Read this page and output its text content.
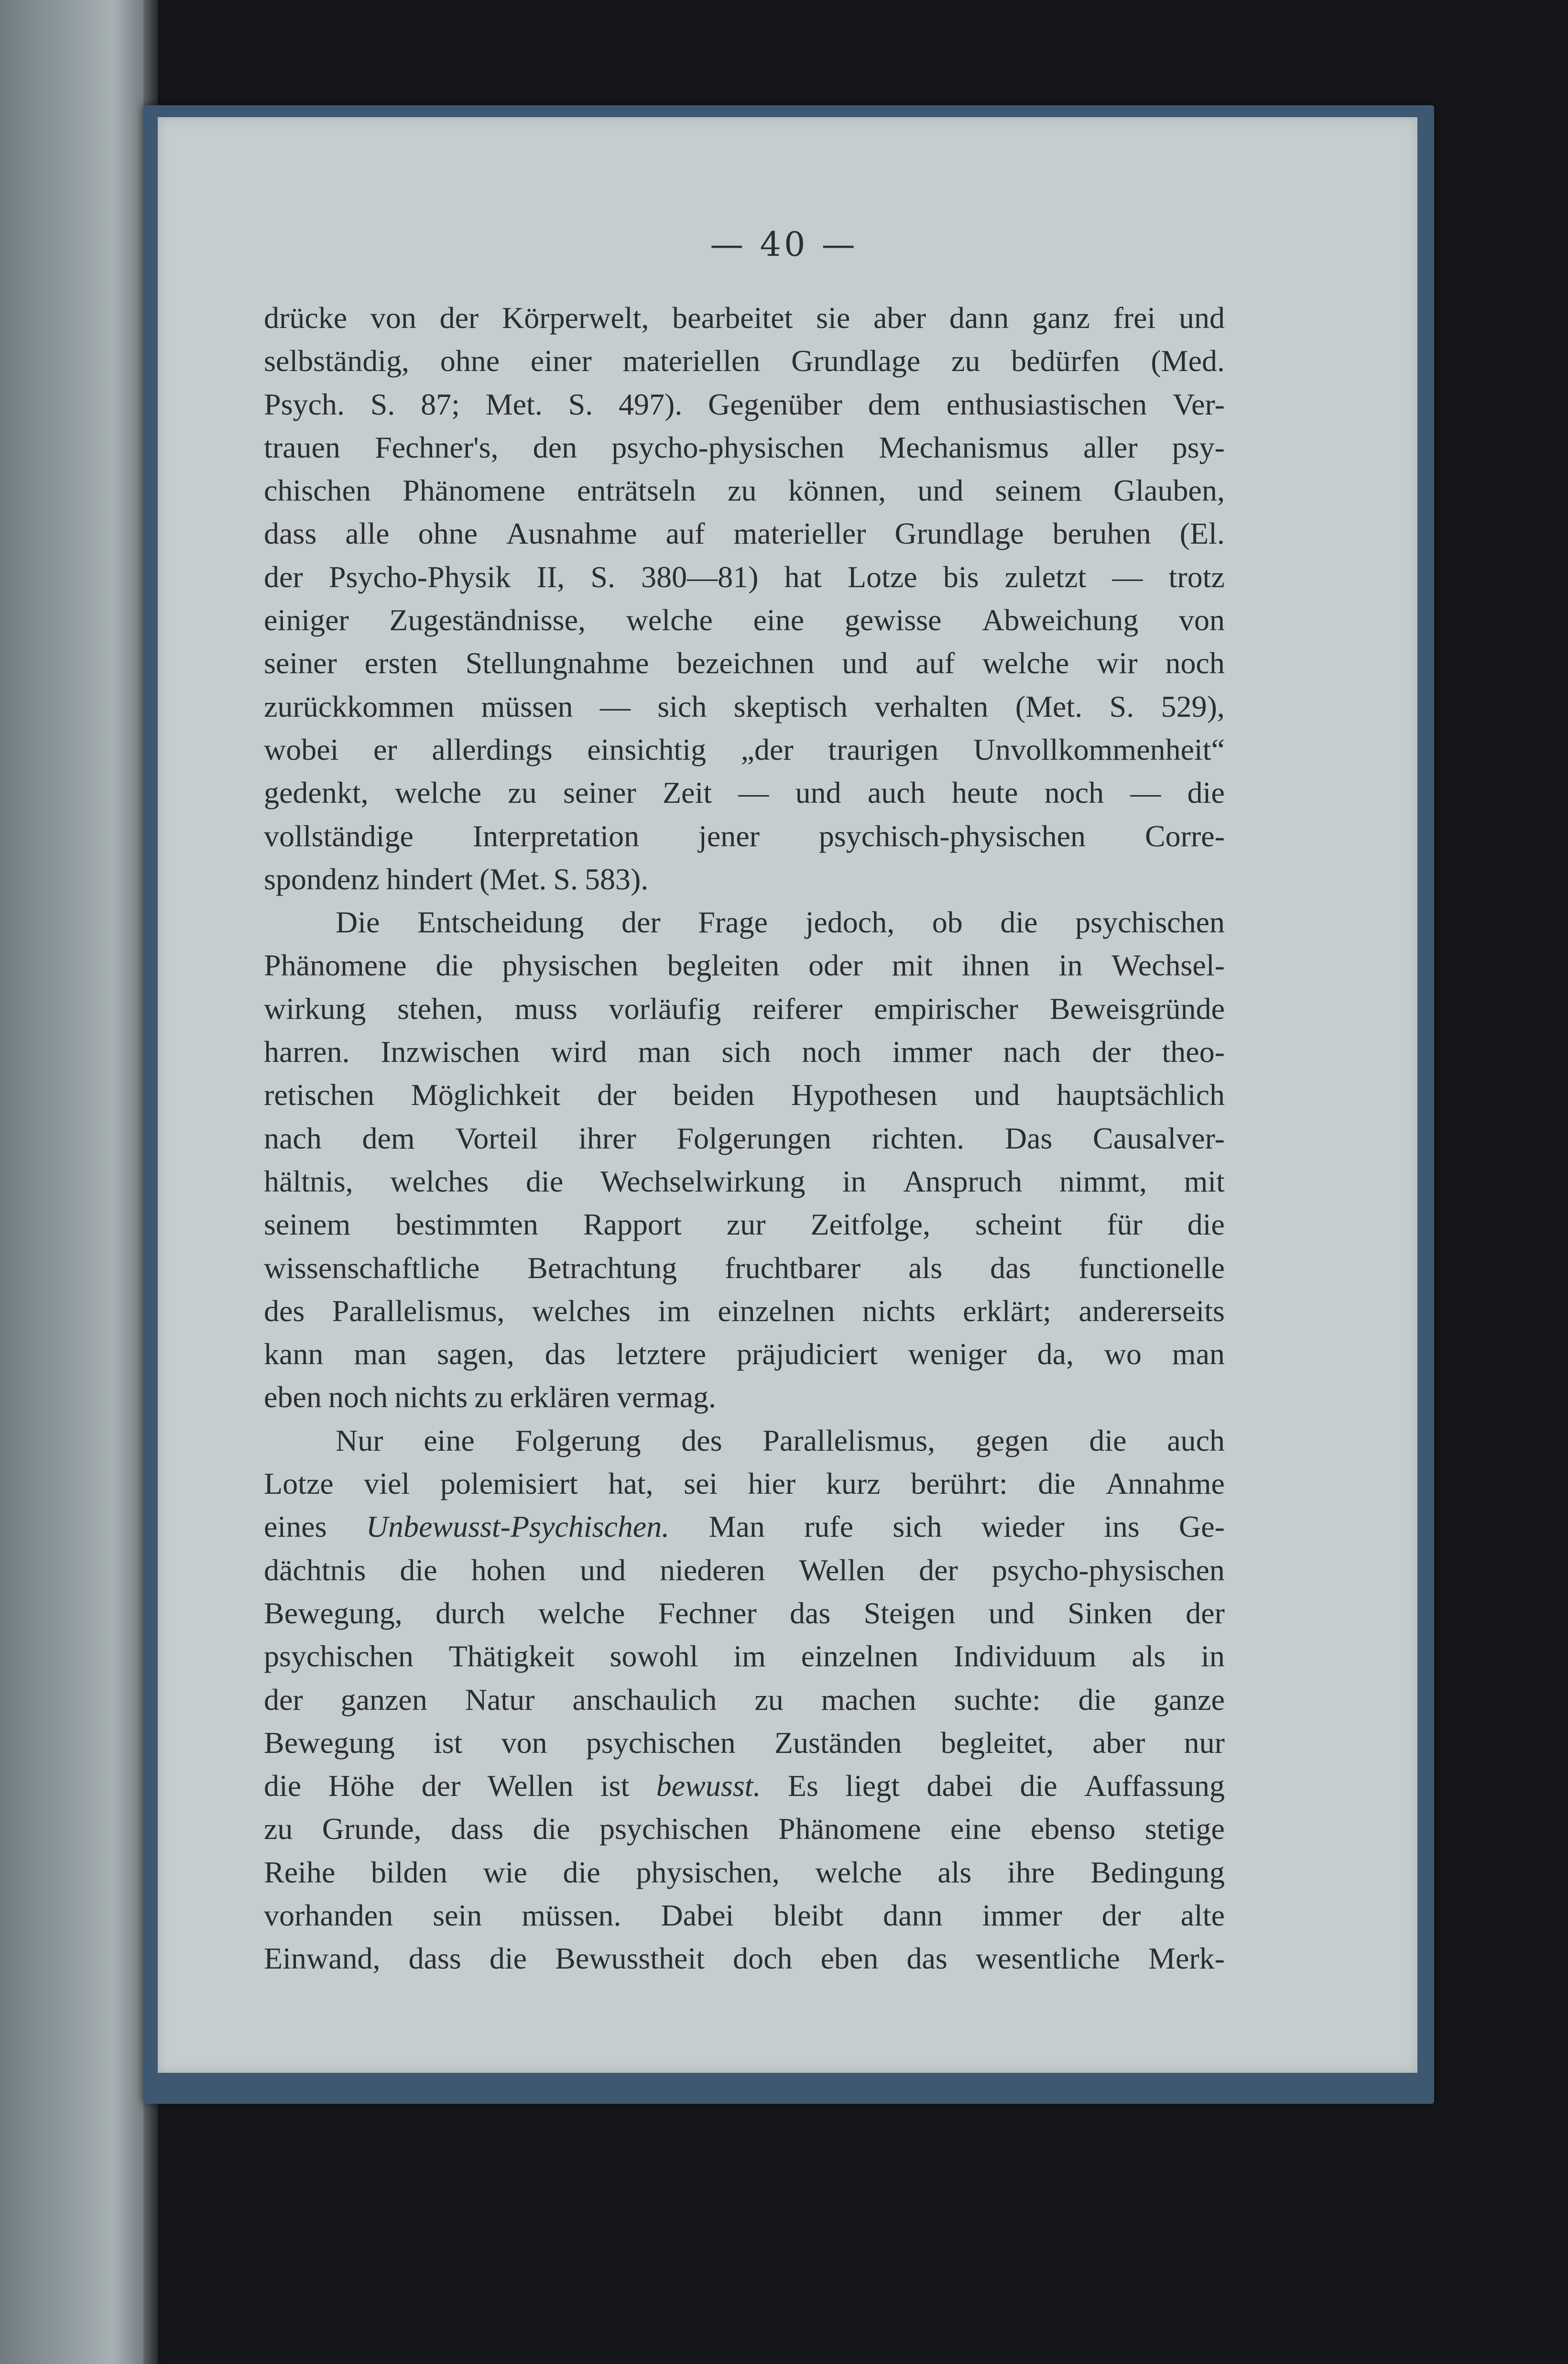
— 40 —
drücke von der Körperwelt, bearbeitet sie aber dann ganz frei und
selbständig, ohne einer materiellen Grundlage zu bedürfen (Med.
Psych. S. 87; Met. S. 497). Gegenüber dem enthusiastischen Ver-
trauen Fechner's, den psycho-physischen Mechanismus aller psy-
chischen Phänomene enträtseln zu können, und seinem Glauben,
dass alle ohne Ausnahme auf materieller Grundlage beruhen (El.
der Psycho-Physik II, S. 380—81) hat Lotze bis zuletzt — trotz
einiger Zugeständnisse, welche eine gewisse Abweichung von
seiner ersten Stellungnahme bezeichnen und auf welche wir noch
zurückkommen müssen — sich skeptisch verhalten (Met. S. 529),
wobei er allerdings einsichtig „der traurigen Unvollkommenheit“
gedenkt, welche zu seiner Zeit — und auch heute noch — die
vollständige Interpretation jener psychisch-physischen Corre-
spondenz hindert (Met. S. 583).
Die Entscheidung der Frage jedoch, ob die psychischen
Phänomene die physischen begleiten oder mit ihnen in Wechsel-
wirkung stehen, muss vorläufig reiferer empirischer Beweisgründe
harren. Inzwischen wird man sich noch immer nach der theo-
retischen Möglichkeit der beiden Hypothesen und hauptsächlich
nach dem Vorteil ihrer Folgerungen richten. Das Causalver-
hältnis, welches die Wechselwirkung in Anspruch nimmt, mit
seinem bestimmten Rapport zur Zeitfolge, scheint für die
wissenschaftliche Betrachtung fruchtbarer als das functionelle
des Parallelismus, welches im einzelnen nichts erklärt; andererseits
kann man sagen, das letztere präjudiciert weniger da, wo man
eben noch nichts zu erklären vermag.
Nur eine Folgerung des Parallelismus, gegen die auch
Lotze viel polemisiert hat, sei hier kurz berührt: die Annahme
eines Unbewusst-Psychischen. Man rufe sich wieder ins Ge-
dächtnis die hohen und niederen Wellen der psycho-physischen
Bewegung, durch welche Fechner das Steigen und Sinken der
psychischen Thätigkeit sowohl im einzelnen Individuum als in
der ganzen Natur anschaulich zu machen suchte: die ganze
Bewegung ist von psychischen Zuständen begleitet, aber nur
die Höhe der Wellen ist bewusst. Es liegt dabei die Auffassung
zu Grunde, dass die psychischen Phänomene eine ebenso stetige
Reihe bilden wie die physischen, welche als ihre Bedingung
vorhanden sein müssen. Dabei bleibt dann immer der alte
Einwand, dass die Bewusstheit doch eben das wesentliche Merk-
